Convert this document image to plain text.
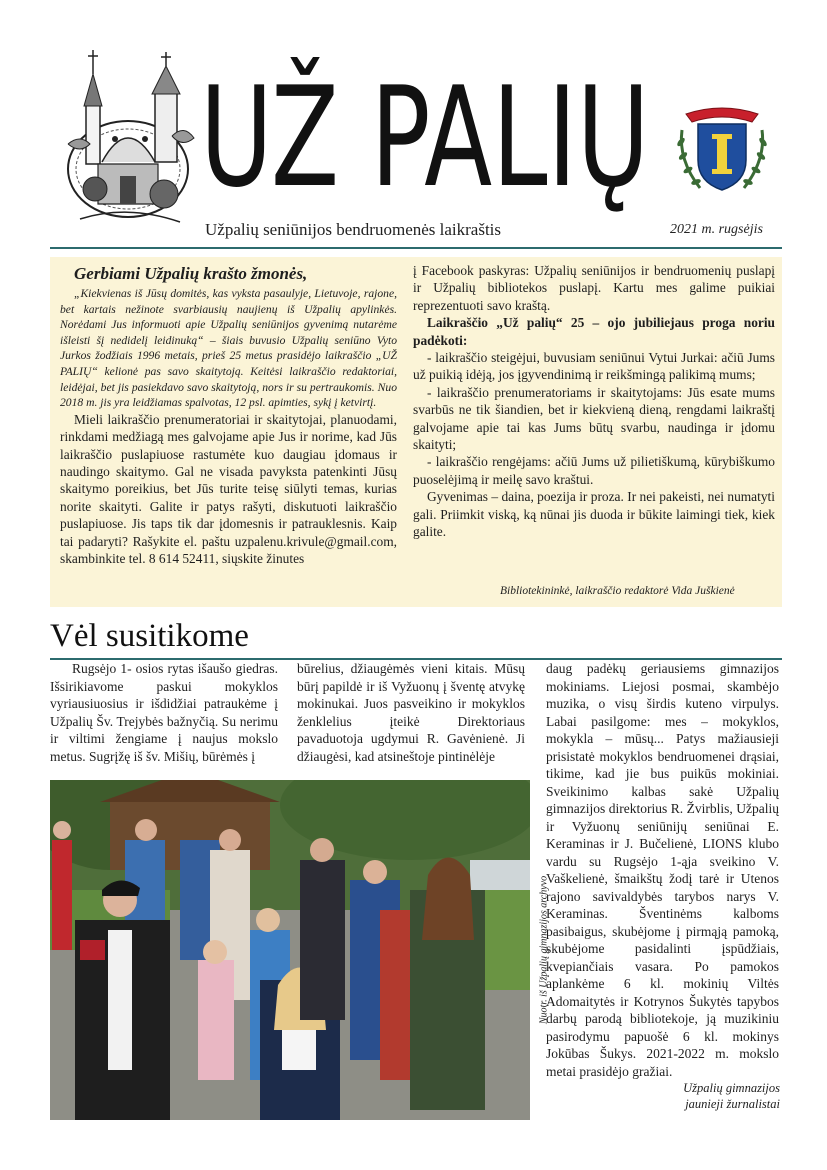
UŽ PALIŲ
Užpalių seniūnijos bendruomenės laikraštis	2021 m. rugsėjis
Gerbiami Užpalių krašto žmonės,

„Kiekvienas iš Jūsų domitės, kas vyksta pasaulyje, Lietuvoje, rajone, bet kartais nežinote svarbiausių naujienų iš Užpalių apylinkės. Norėdami Jus informuoti apie Užpalių seniūnijos gyvenimą nutarėme išleisti šį nedidelį leidinuką“ – šiais buvusio Užpalių seniūno Vyto Jurkos žodžiais 1996 metais, prieš 25 metus prasidėjo laikraščio „UŽ PALIŲ“ kelionė pas savo skaitytoją. Keitėsi laikraščio redaktoriai, leidėjai, bet jis pasiekdavo savo skaitytoją, nors ir su pertraukomis. Nuo 2018 m. jis yra leidžiamas spalvotas, 12 psl. apimties, sykį į ketvirtį.

Mieli laikraščio prenumeratoriai ir skaitytojai, planuodami, rinkdami medžiagą mes galvojame apie Jus ir norime, kad Jūs laikraščio puslapiuose rastumėte kuo daugiau įdomaus ir naudingo skaitymo. Gal ne visada pavyksta patenkinti Jūsų skaitymo poreikius, bet Jūs turite teisę siūlyti temas, kurias norite skaityti. Galite ir patys rašyti, diskutuoti laikraščio puslapiuose. Jis taps tik dar įdomesnis ir patrauklesnis. Kaip tai padaryti? Rašykite el. paštu uzpalenu.krivule@gmail.com, skambinkite tel. 8 614 52411, siųskite žinutes

į Facebook paskyras: Užpalių seniūnijos ir bendruomenių puslapį ir Užpalių bibliotekos puslapį. Kartu mes galime puikiai reprezentuoti savo kraštą.

Laikraščio „Už palių“ 25 – ojo jubiliejaus proga noriu padėkoti:

- laikraščio steigėjui, buvusiam seniūnui Vytui Jurkai: ačiū Jums už puikią idėją, jos įgyvendinimą ir reikšmingą palikimą mums;

- laikraščio prenumeratoriams ir skaitytojams: Jūs esate mums svarbūs ne tik šiandien, bet ir kiekvieną dieną, rengdami laikraštį galvojame apie tai kas Jums būtų svarbu, naudinga ir įdomu skaityti;

- laikraščio rengėjams: ačiū Jums už pilietiškumą, kūrybiškumo puoselėjimą ir meilę savo kraštui.

Gyvenimas – daina, poezija ir proza. Ir nei pakeisti, nei numatyti gali. Priimkit viską, ką nūnai jis duoda ir būkite laimingi tiek, kiek galite.

Bibliotekininkė, laikraščio redaktorė Vida Juškienė
Vėl susitikome

Rugsėjo 1- osios rytas išaušo giedras. Išsirikiavome paskui mokyklos vyriausiuosius ir išdidžiai patraukėme į Užpalių Šv. Trejybės bažnyčią. Su nerimu ir viltimi žengiame į naujus mokslo metus. Sugrįžę iš šv. Mišių, būrėmės į

būrelius, džiaugėmės vieni kitais. Mūsų būrį papildė ir iš Vyžuonų į šventę atvykę mokinukai. Juos pasveikino ir mokyklos ženklelius įteikė Direktoriaus pavaduotoja ugdymui R. Gavėnienė. Ji džiaugėsi, kad atsineštoje pintinėlėje

daug padėkų geriausiems gimnazijos mokiniams. Liejosi posmai, skambėjo muzika, o visų širdis kuteno virpulys. Labai pasilgome: mes – mokyklos, mokykla – mūsų... Patys mažiausieji prisistatė mokyklos bendruomenei drąsiai, tikime, kad jie bus puikūs mokiniai. Sveikinimo kalbas sakė Užpalių gimnazijos direktorius R. Žvirblis, Užpalių ir Vyžuonų seniūnijų seniūnai E. Keraminas ir J. Bučelienė, LIONS klubo vardu su Rugsėjo 1-ąja sveikino V. Vaškelienė, šmaikštų žodį tarė ir Utenos rajono savivaldybės tarybos narys V. Keraminas. Šventinėms kalboms pasibaigus, skubėjome į pirmąją pamoką, skubėjome pasidalinti įspūdžiais, kvepiančiais vasara. Po pamokos aplankėme 6 kl. mokinių Viltės Adomaitytės ir Kotrynos Šukytės tapybos darbų parodą bibliotekoje, ją muzikiniu pasirodymu papuošė 6 kl. mokinys Jokūbas Šukys. 2021-2022 m. mokslo metai prasidėjo gražiai.

Nuotr. iš Užpalių gimnazijos archyvo
Užpalių gimnazijos
jaunieji žurnalistai
